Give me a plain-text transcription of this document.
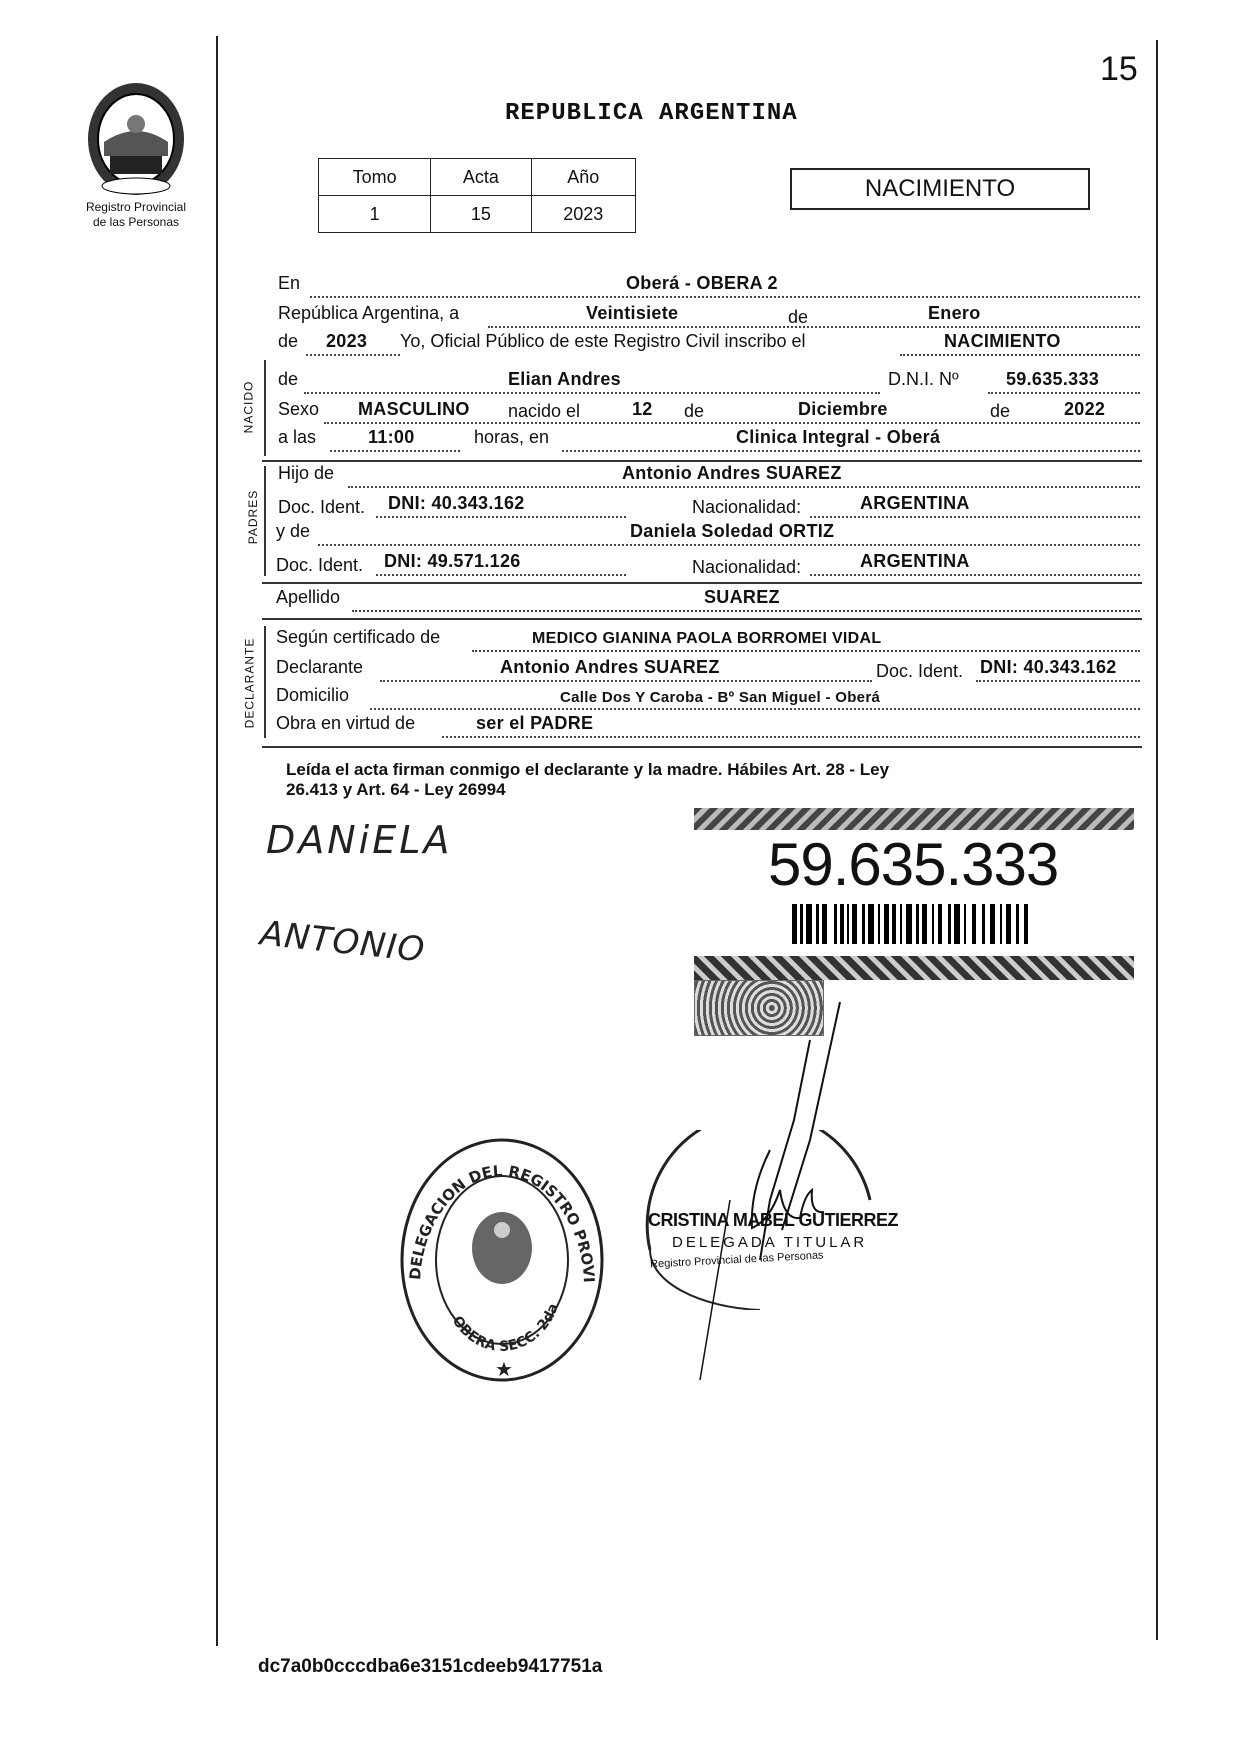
15
Registro Provincial
de las Personas
REPUBLICA ARGENTINA
Tomo	Acta	Año
1	15	2023
NACIMIENTO
En	Oberá - OBERA 2
República Argentina, a	Veintisiete	de	Enero
de 2023 Yo, Oficial Público de este Registro Civil inscribo el	NACIMIENTO
NACIDO
de	Elian Andres	D.N.I. Nº	59.635.333
Sexo MASCULINO nacido el	12 de	Diciembre	de	2022
a las	11:00	horas, en	Clinica Integral - Oberá
PADRES
Hijo de	Antonio Andres SUAREZ
Doc. Ident. DNI: 40.343.162	Nacionalidad:	ARGENTINA
y de	Daniela Soledad ORTIZ
Doc. Ident. DNI: 49.571.126	Nacionalidad:	ARGENTINA
Apellido	SUAREZ
DECLARANTE
Según certificado de	MEDICO GIANINA PAOLA BORROMEI VIDAL
Declarante	Antonio Andres SUAREZ	Doc. Ident. DNI: 40.343.162
Domicilio	Calle Dos Y Caroba - Bº San Miguel - Oberá
Obra en virtud de	ser el PADRE
Leída el acta firman conmigo el declarante y la madre. Hábiles Art. 28 - Ley
26.413 y Art. 64 - Ley 26994
DANiELA
ANTONIO
59.635.333
DELEGACION DEL REGISTRO PROVI
OBERA SECC. 2da
★
CRISTINA MABEL GUTIERREZ
DELEGADA TITULAR
Registro Provincial de las Personas
dc7a0b0cccdba6e3151cdeeb9417751a
